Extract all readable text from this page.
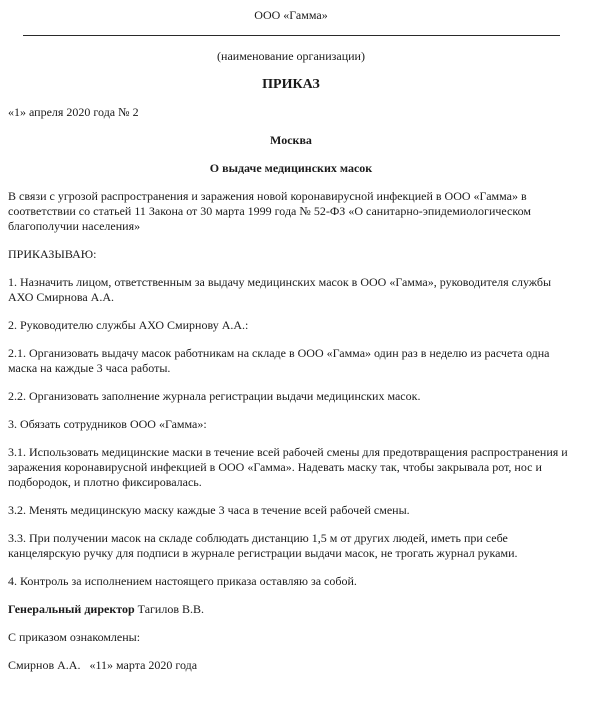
ООО «Гамма»

(наименование организации)

ПРИКАЗ

«1» апреля 2020 года № 2

Москва

О выдаче медицинских масок

В связи с угрозой распространения и заражения новой коронавирусной инфекцией в ООО «Гамма» в соответствии со статьей 11 Закона от 30 марта 1999 года № 52-ФЗ «О санитарно-эпидемиологическом благополучии населения»

ПРИКАЗЫВАЮ:

1. Назначить лицом, ответственным за выдачу медицинских масок в ООО «Гамма», руководителя службы АХО Смирнова А.А.

2. Руководителю службы АХО Смирнову А.А.:

2.1. Организовать выдачу масок работникам на складе в ООО «Гамма» один раз в неделю из расчета одна маска на каждые 3 часа работы.

2.2. Организовать заполнение журнала регистрации выдачи медицинских масок.

3. Обязать сотрудников ООО «Гамма»:

3.1. Использовать медицинские маски в течение всей рабочей смены для предотвращения распространения и заражения коронавирусной инфекцией в ООО «Гамма». Надевать маску так, чтобы закрывала рот, нос и подбородок, и плотно фиксировалась.

3.2. Менять медицинскую маску каждые 3 часа в течение всей рабочей смены.

3.3. При получении масок на складе соблюдать дистанцию 1,5 м от других людей, иметь при себе канцелярскую ручку для подписи в журнале регистрации выдачи масок, не трогать журнал руками.

4. Контроль за исполнением настоящего приказа оставляю за собой.

Генеральный директор Тагилов В.В.

С приказом ознакомлены:

Смирнов А.А. «11» марта 2020 года
